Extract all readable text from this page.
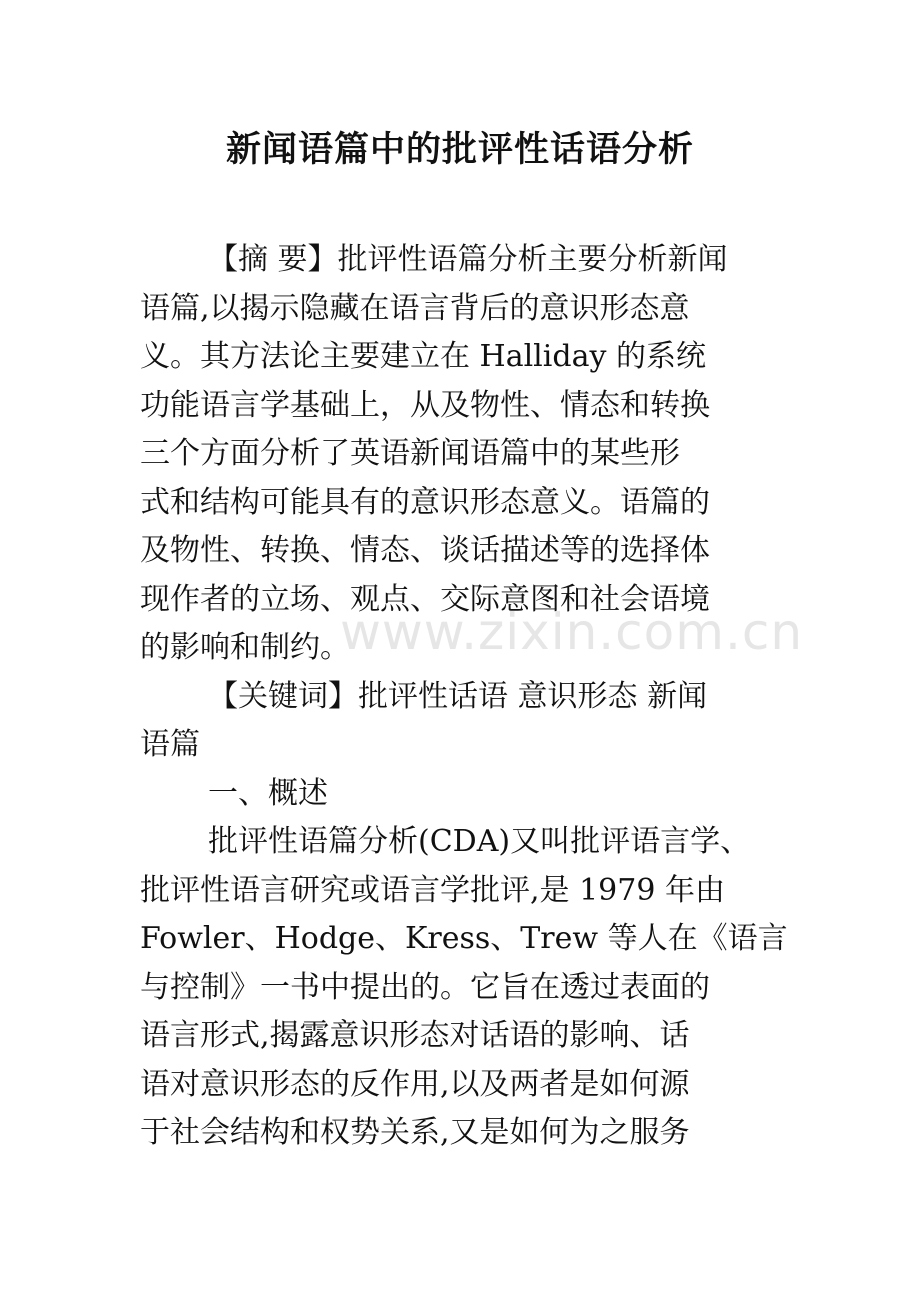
新闻语篇中的批评性话语分析
【摘 要】批评性语篇分析主要分析新闻
语篇,以揭示隐藏在语言背后的意识形态意
义。其方法论主要建立在 Halliday 的系统
功能语言学基础上，从及物性、情态和转换
三个方面分析了英语新闻语篇中的某些形
式和结构可能具有的意识形态意义。语篇的
及物性、转换、情态、谈话描述等的选择体
现作者的立场、观点、交际意图和社会语境
的影响和制约。
【关键词】批评性话语 意识形态 新闻
语篇
一、概述
批评性语篇分析(CDA)又叫批评语言学、
批评性语言研究或语言学批评,是 1979 年由
Fowler、Hodge、Kress、Trew 等人在《语言
与控制》一书中提出的。它旨在透过表面的
语言形式,揭露意识形态对话语的影响、话
语对意识形态的反作用,以及两者是如何源
于社会结构和权势关系,又是如何为之服务
www.zixin.com.cn
